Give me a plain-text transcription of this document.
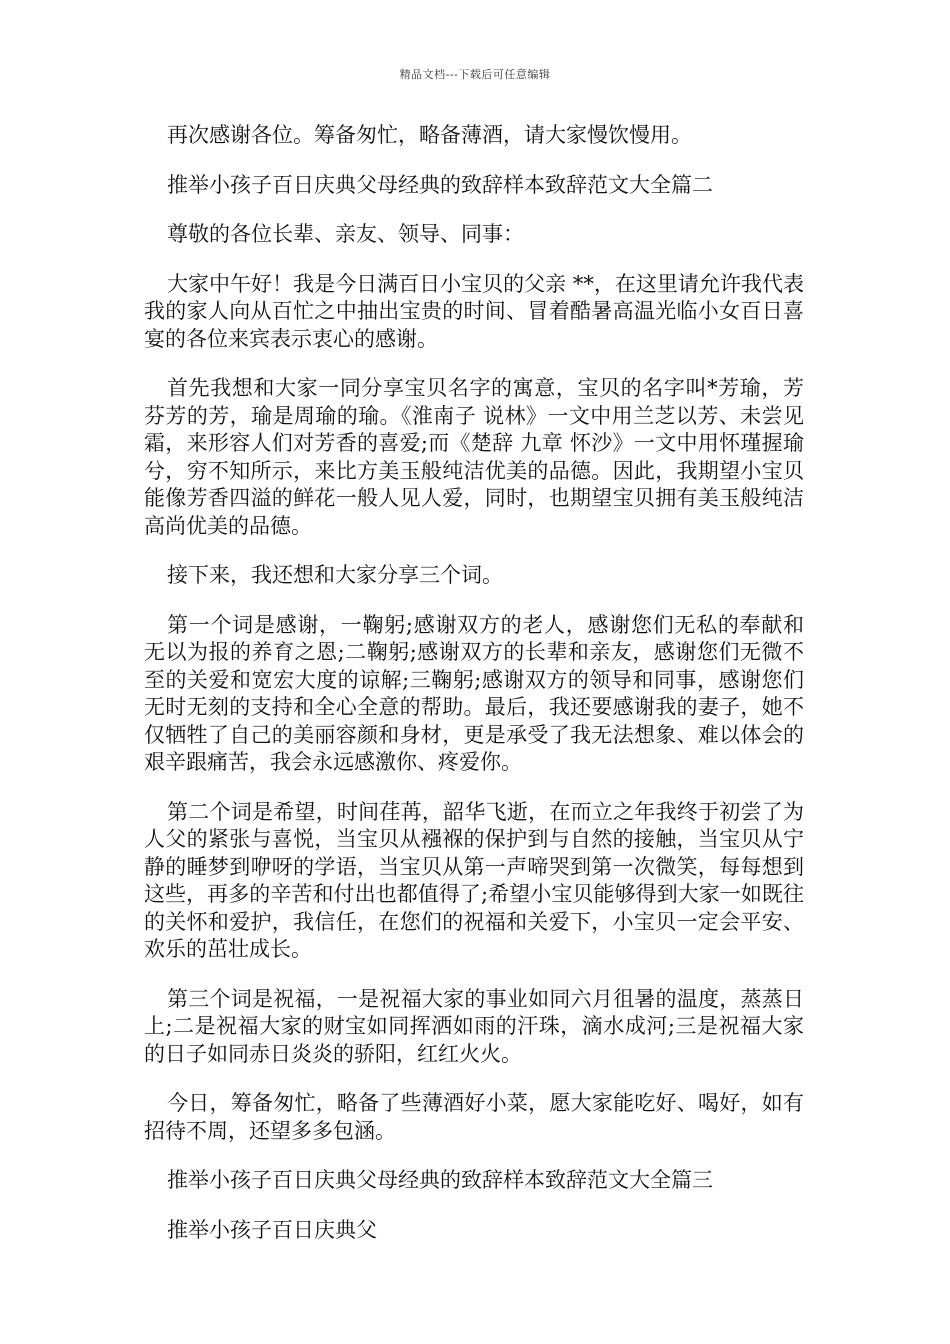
精品文档---下载后可任意编辑

再次感谢各位。筹备匆忙，略备薄酒，请大家慢饮慢用。

推举小孩子百日庆典父母经典的致辞样本致辞范文大全篇二

尊敬的各位长辈、亲友、领导、同事：

大家中午好！我是今日满百日小宝贝的父亲 **，在这里请允许我代表我的家人向从百忙之中抽出宝贵的时间、冒着酷暑高温光临小女百日喜宴的各位来宾表示衷心的感谢。

首先我想和大家一同分享宝贝名字的寓意，宝贝的名字叫*芳瑜，芳芬芳的芳，瑜是周瑜的瑜。《淮南子 说林》一文中用兰芝以芳、未尝见霜，来形容人们对芳香的喜爱;而《楚辞 九章 怀沙》一文中用怀瑾握瑜兮，穷不知所示，来比方美玉般纯洁优美的品德。因此，我期望小宝贝能像芳香四溢的鲜花一般人见人爱，同时，也期望宝贝拥有美玉般纯洁高尚优美的品德。

接下来，我还想和大家分享三个词。

第一个词是感谢，一鞠躬;感谢双方的老人，感谢您们无私的奉献和无以为报的养育之恩;二鞠躬;感谢双方的长辈和亲友，感谢您们无微不至的关爱和宽宏大度的谅解;三鞠躬;感谢双方的领导和同事，感谢您们无时无刻的支持和全心全意的帮助。最后，我还要感谢我的妻子，她不仅牺牲了自己的美丽容颜和身材，更是承受了我无法想象、难以体会的艰辛跟痛苦，我会永远感激你、疼爱你。

第二个词是希望，时间荏苒，韶华飞逝，在而立之年我终于初尝了为人父的紧张与喜悦，当宝贝从襁褓的保护到与自然的接触，当宝贝从宁静的睡梦到咿呀的学语，当宝贝从第一声啼哭到第一次微笑，每每想到这些，再多的辛苦和付出也都值得了;希望小宝贝能够得到大家一如既往的关怀和爱护，我信任，在您们的祝福和关爱下，小宝贝一定会平安、欢乐的茁壮成长。

第三个词是祝福，一是祝福大家的事业如同六月徂暑的温度，蒸蒸日上;二是祝福大家的财宝如同挥洒如雨的汗珠，滴水成河;三是祝福大家的日子如同赤日炎炎的骄阳，红红火火。

今日，筹备匆忙，略备了些薄酒好小菜，愿大家能吃好、喝好，如有招待不周，还望多多包涵。

推举小孩子百日庆典父母经典的致辞样本致辞范文大全篇三

推举小孩子百日庆典父
